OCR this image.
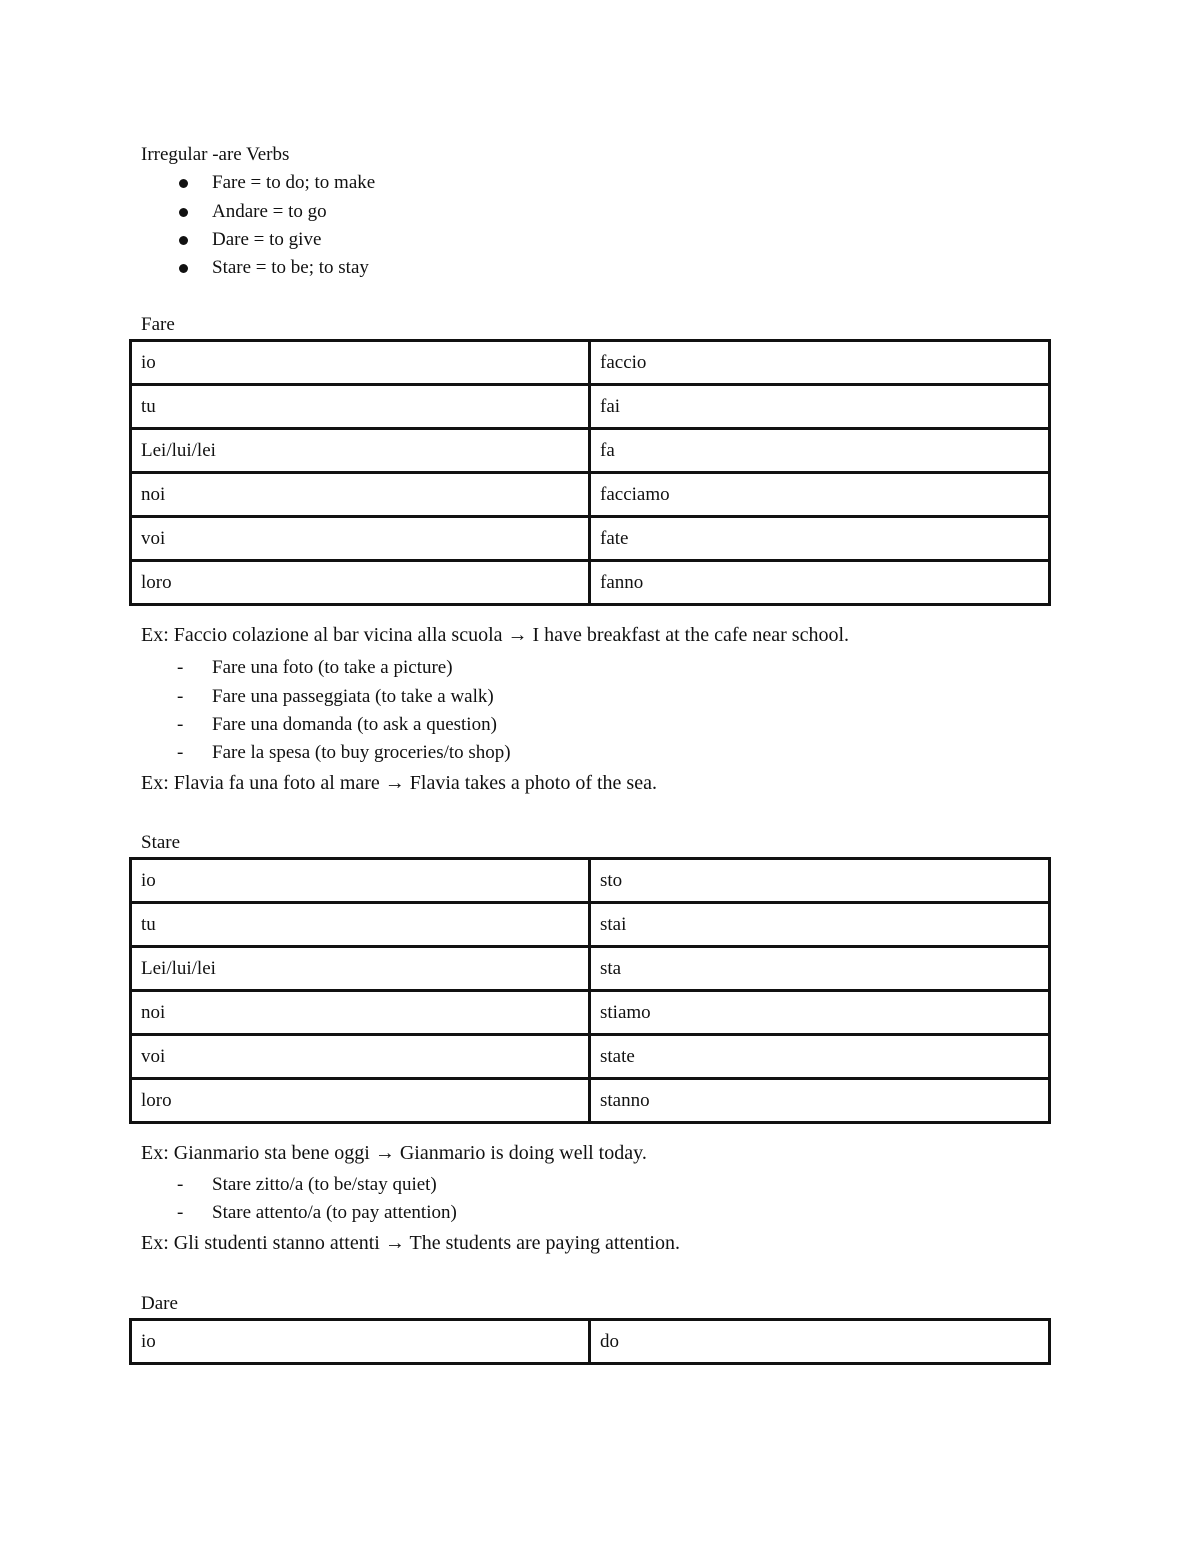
Irregular -are Verbs
Fare = to do; to make
Andare = to go
Dare = to give
Stare = to be; to stay
Fare
io	faccio
tu	fai
Lei/lui/lei	fa
noi	facciamo
voi	fate
loro	fanno
Ex: Faccio colazione al bar vicina alla scuola → I have breakfast at the cafe near school.
- Fare una foto (to take a picture)
- Fare una passeggiata (to take a walk)
- Fare una domanda (to ask a question)
- Fare la spesa (to buy groceries/to shop)
Ex: Flavia fa una foto al mare → Flavia takes a photo of the sea.
Stare
io	sto
tu	stai
Lei/lui/lei	sta
noi	stiamo
voi	state
loro	stanno
Ex: Gianmario sta bene oggi → Gianmario is doing well today.
- Stare zitto/a (to be/stay quiet)
- Stare attento/a (to pay attention)
Ex: Gli studenti stanno attenti → The students are paying attention.
Dare
io	do
